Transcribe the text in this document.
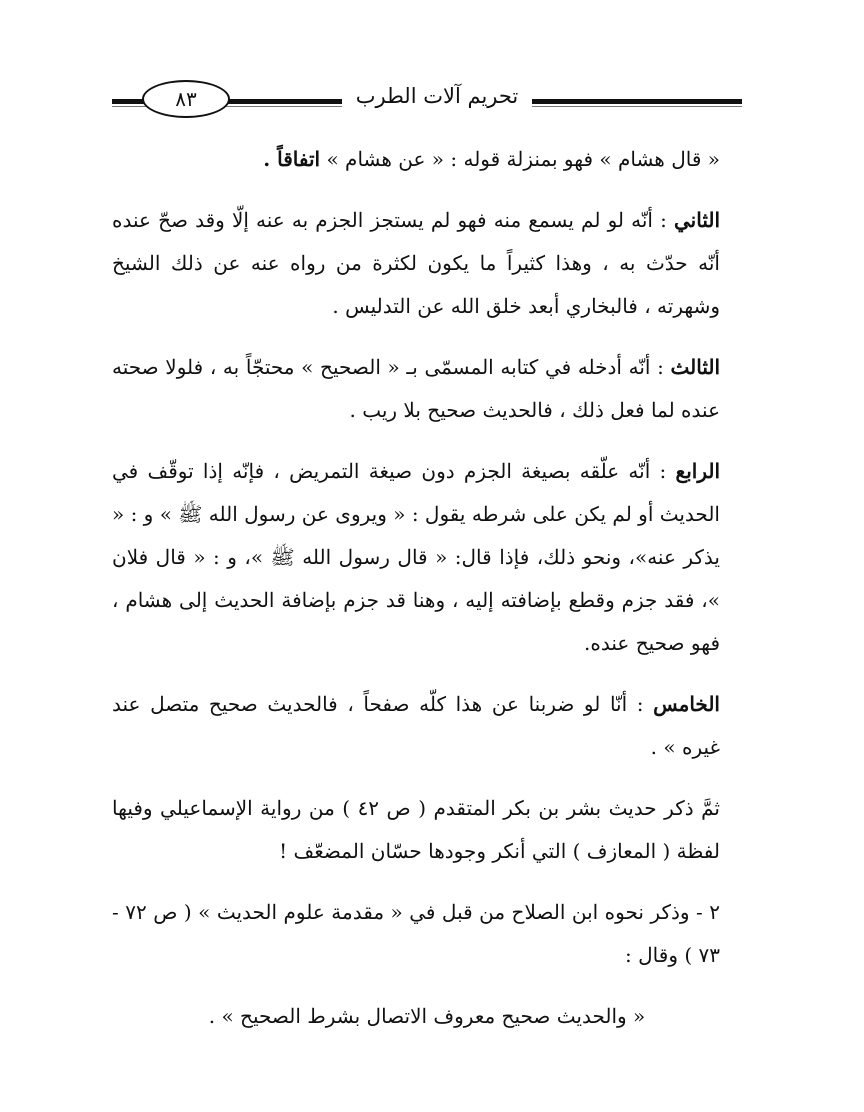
٨٣	تحريم آلات الطرب

« قال هشام » فهو بمنزلة قوله : « عن هشام » اتفاقاً .

الثاني : أنّه لو لم يسمع منه فهو لم يستجز الجزم به عنه إلّا وقد صحّ عنده أنّه حدّث به ، وهذا كثيراً ما يكون لكثرة من رواه عنه عن ذلك الشيخ وشهرته ، فالبخاري أبعد خلق الله عن التدليس .

الثالث : أنّه أدخله في كتابه المسمّى بـ « الصحيح » محتجّاً به ، فلولا صحته عنده لما فعل ذلك ، فالحديث صحيح بلا ريب .

الرابع : أنّه علّقه بصيغة الجزم دون صيغة التمريض ، فإنّه إذا توقّف في الحديث أو لم يكن على شرطه يقول : « ويروى عن رسول الله ﷺ » و : « يذكر عنه»، ونحو ذلك، فإذا قال: « قال رسول الله ﷺ »، و : « قال فلان »، فقد جزم وقطع بإضافته إليه ، وهنا قد جزم بإضافة الحديث إلى هشام ، فهو صحيح عنده.

الخامس : أنّا لو ضربنا عن هذا كلّه صفحاً ، فالحديث صحيح متصل عند غيره » .

ثمَّ ذكر حديث بشر بن بكر المتقدم ( ص ٤٢ ) من رواية الإسماعيلي وفيها لفظة ( المعازف ) التي أنكر وجودها حسّان المضعّف !

٢ - وذكر نحوه ابن الصلاح من قبل في « مقدمة علوم الحديث » ( ص ٧٢ - ٧٣ ) وقال :

« والحديث صحيح معروف الاتصال بشرط الصحيح » .
